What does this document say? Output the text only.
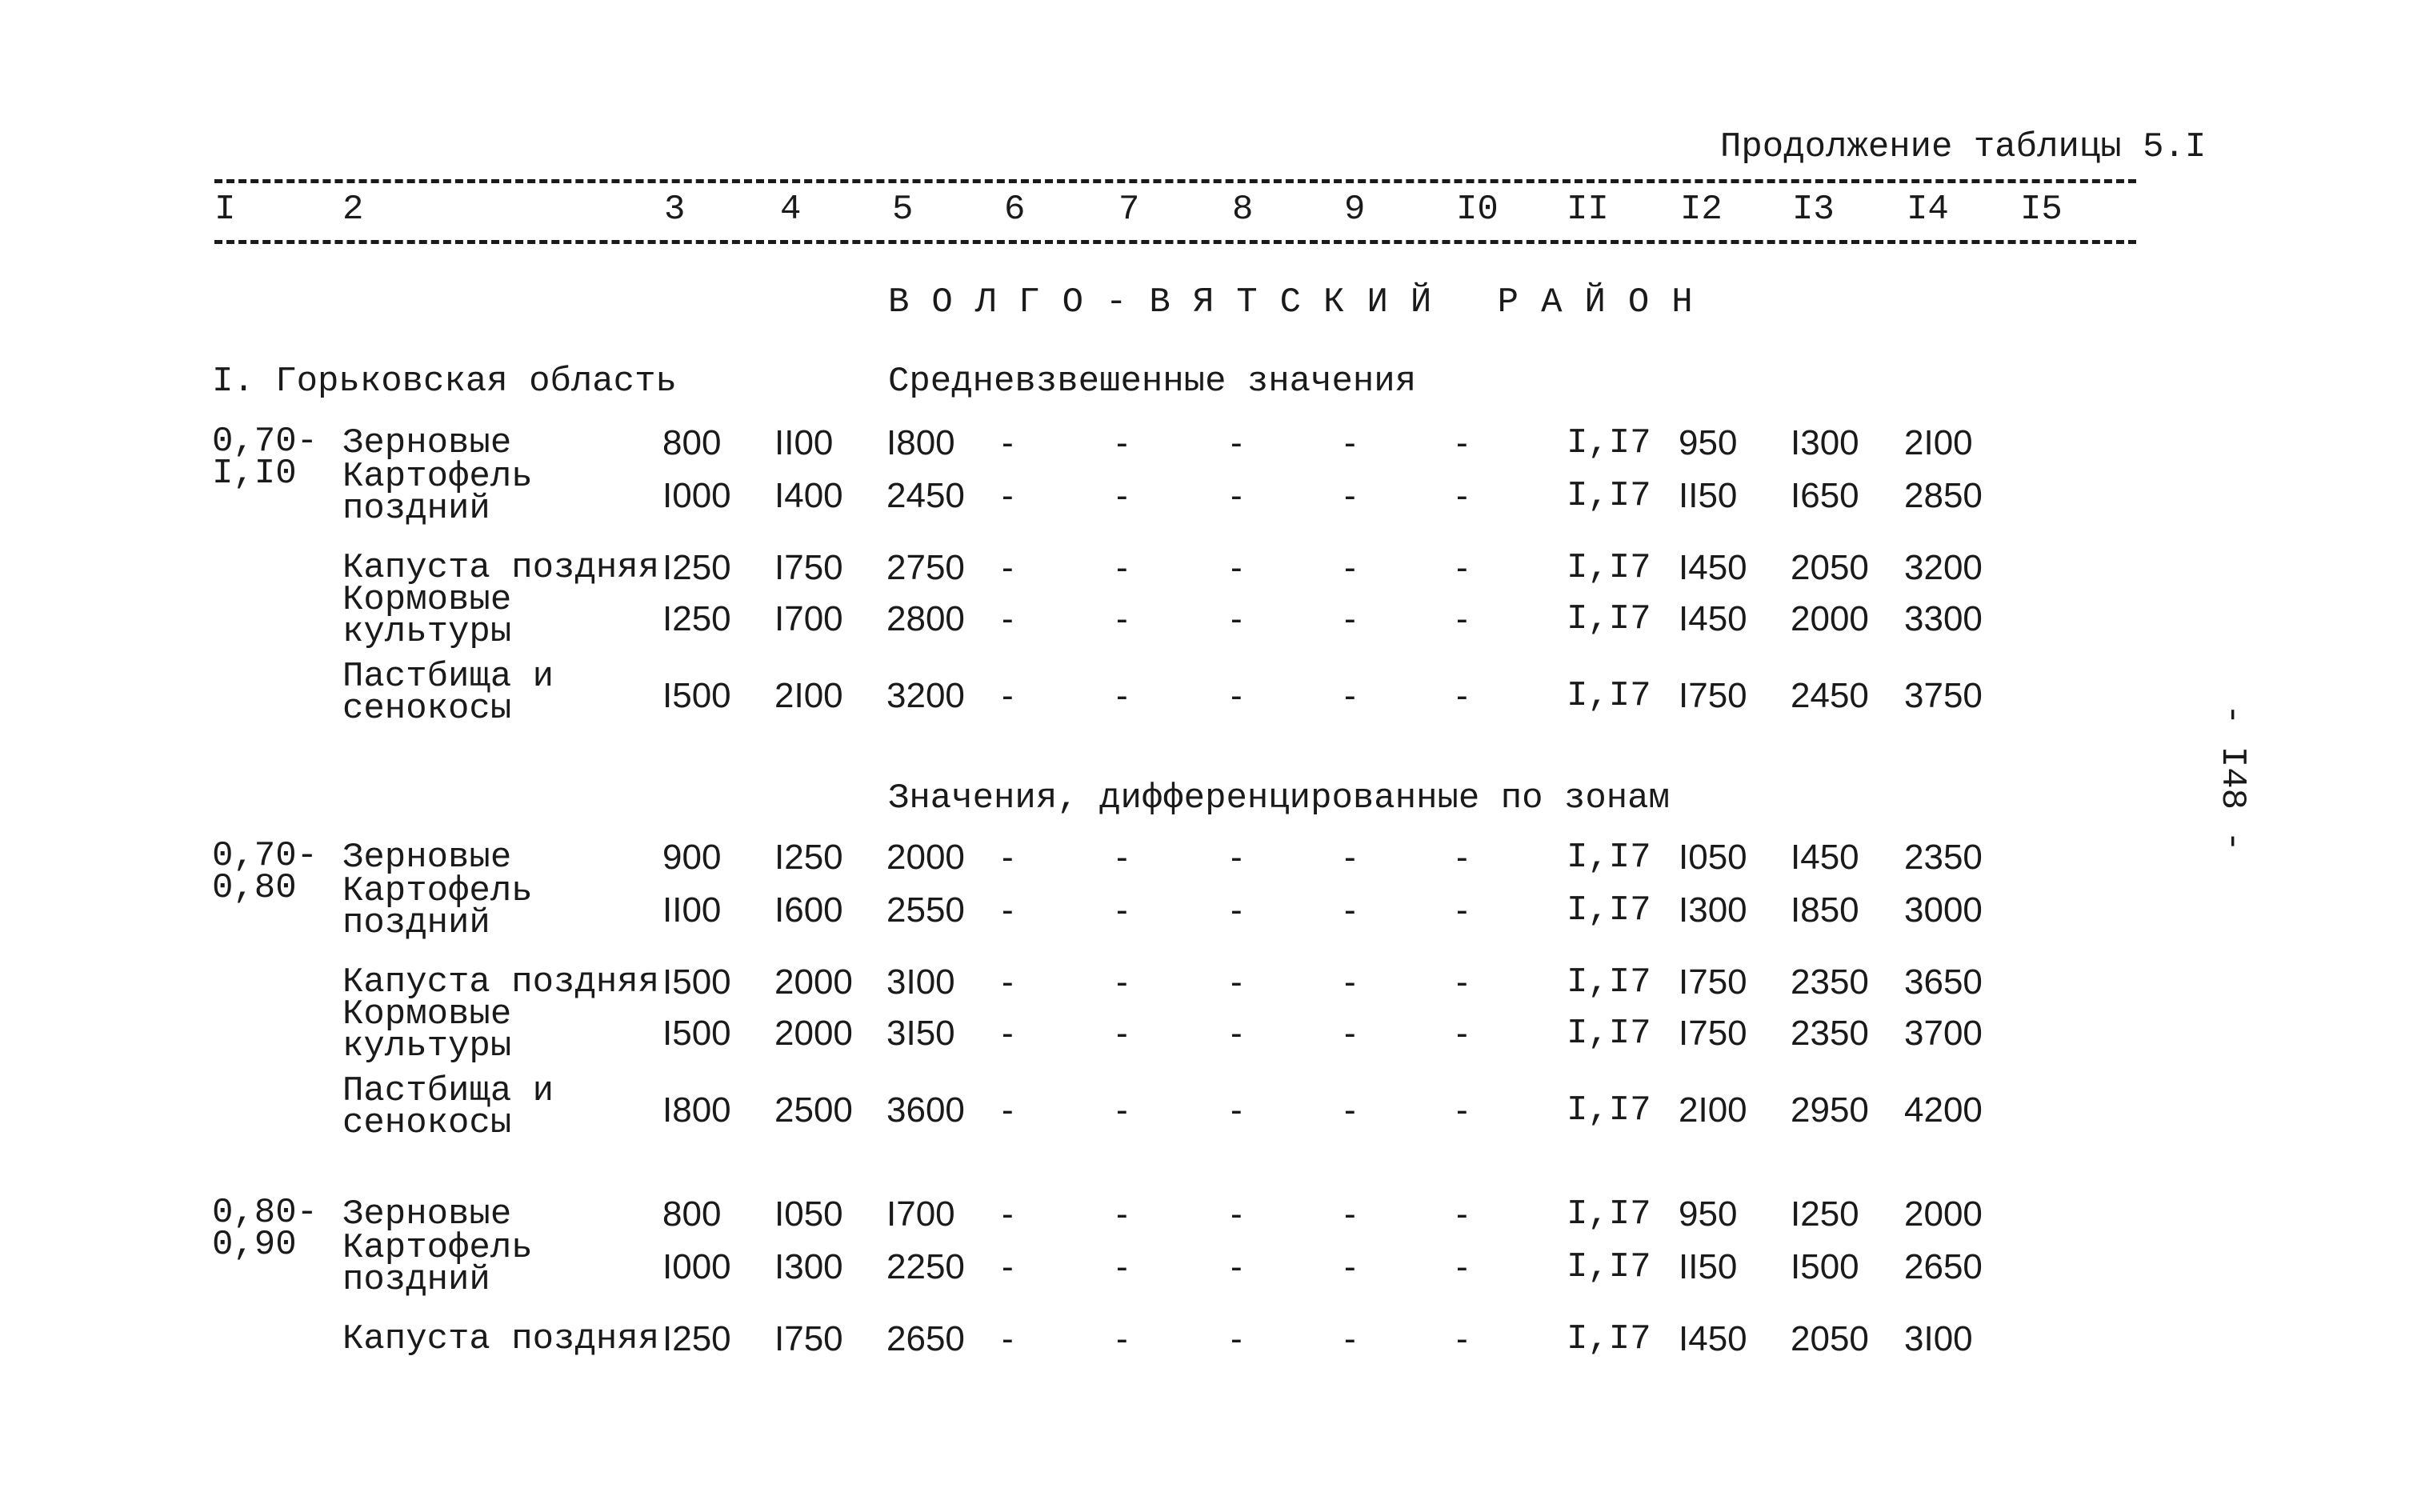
Продолжение таблицы 5.I
I	2	3	4	5	6	7	8	9	I0 II I2 I3 I4 I5
ВОЛГО-ВЯТСКИЙ РАЙОН
I. Горьковская область	Средневзвешенные значения
Значения, дифференцированные по зонам
0,70-
I,I0
Зерновые	800 II00 I800 -	-	-	-	-	I,I7 950 I300 2I00
Картофель
поздний	I000 I400 2450 -	-	-	-	-	I,I7 II50 I650 2850
Капуста поздняя I250 I750 2750 -	-	-	-	-	I,I7 I450 2050 3200
Кормовые
культуры	I250 I700 2800 -	-	-	-	-	I,I7 I450 2000 3300
Пастбища и
сенокосы	I500 2I00 3200 -	-	-	-	-	I,I7 I750 2450 3750
0,70-
0,80
Зерновые	900 I250 2000 -	-	-	-	-	I,I7 I050 I450 2350
Картофель
поздний	II00 I600 2550 -	-	-	-	-	I,I7 I300 I850 3000
Капуста поздняя I500 2000 3I00 -	-	-	-	-	I,I7 I750 2350 3650
Кормовые
культуры	I500 2000 3I50 -	-	-	-	-	I,I7 I750 2350 3700
Пастбища и
сенокосы	I800 2500 3600 -	-	-	-	-	I,I7 2I00 2950 4200
0,80-
0,90
Зерновые	800 I050 I700 -	-	-	-	-	I,I7 950 I250 2000
Картофель
поздний	I000 I300 2250 -	-	-	-	-	I,I7 II50 I500 2650
Капуста поздняя I250 I750 2650 -	-	-	-	-	I,I7 I450 2050 3I00
- I48 -
